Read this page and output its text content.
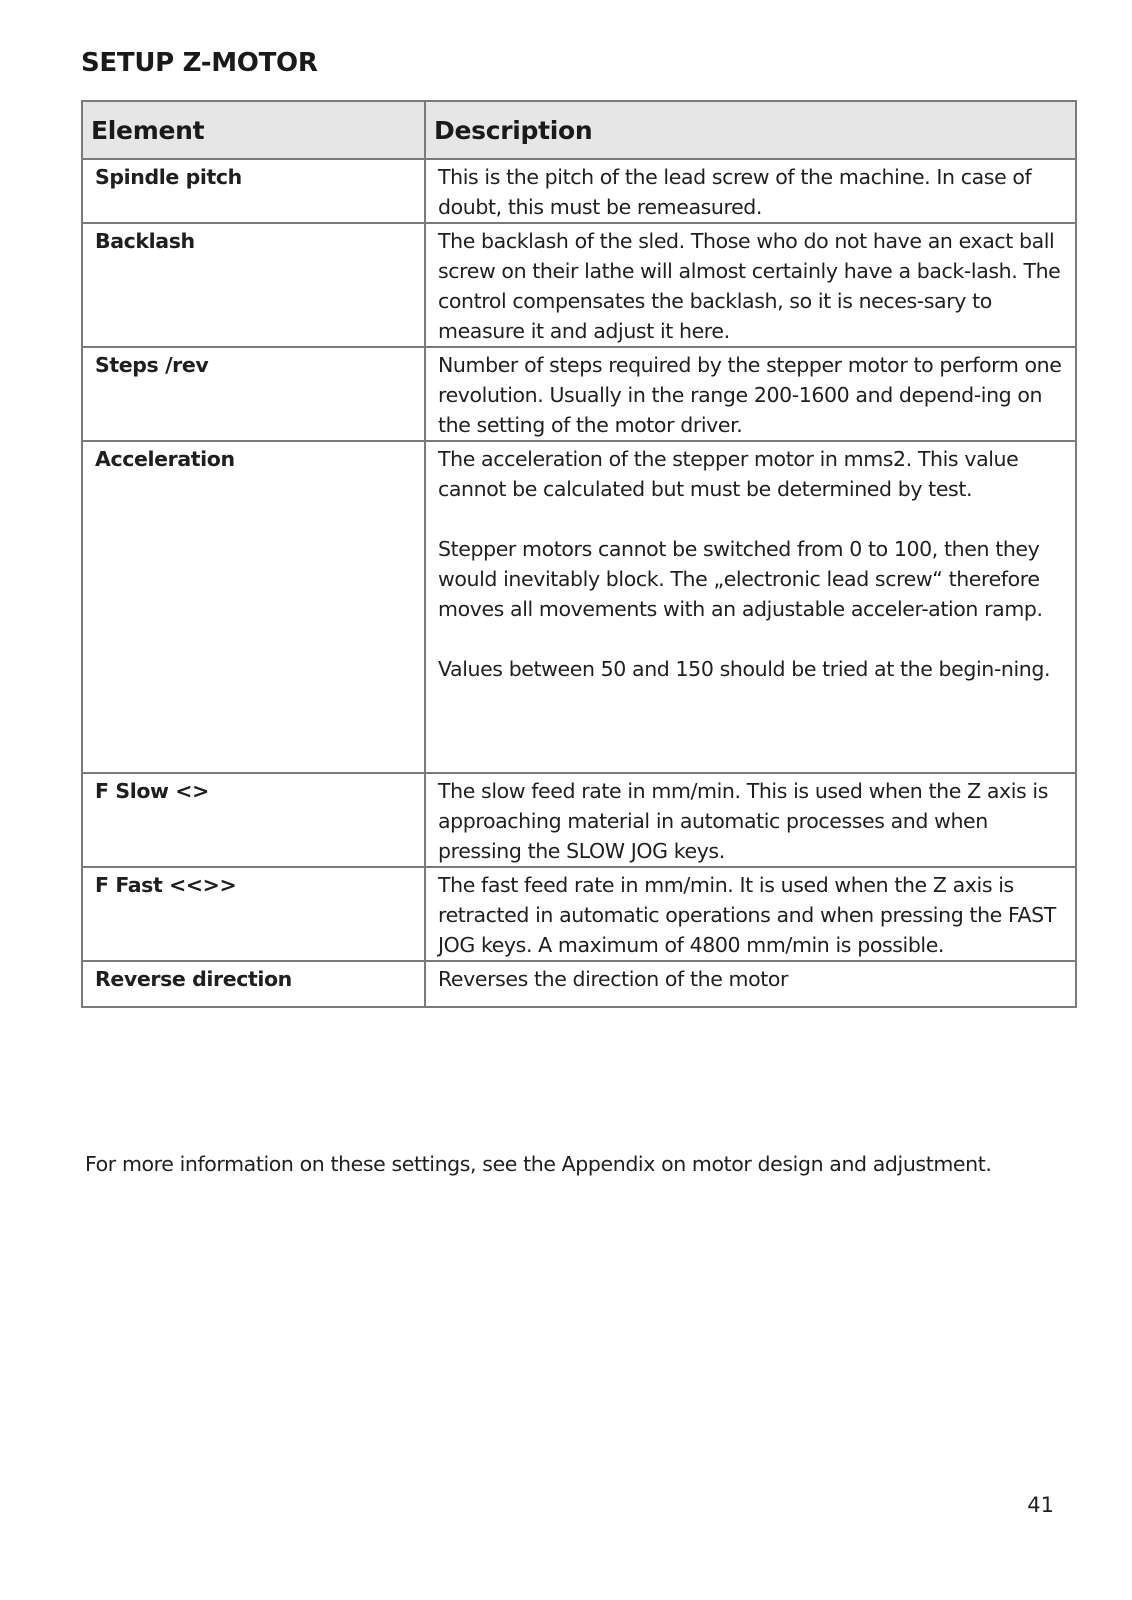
SETUP Z-MOTOR
Element	Description
Spindle pitch	This is the pitch of the lead screw of the machine. In case of doubt, this must be remeasured.

Backlash	The backlash of the sled. Those who do not have an exact ball screw on their lathe will almost certainly have a back-lash. The control compensates the backlash, so it is neces-sary to measure it and adjust it here.

Steps /rev	Number of steps required by the stepper motor to perform one revolution. Usually in the range 200-1600 and depend-ing on the setting of the motor driver.

Acceleration	The acceleration of the stepper motor in mms2. This value cannot be calculated but must be determined by test.

Stepper motors cannot be switched from 0 to 100, then they would inevitably block. The „electronic lead screw“ therefore moves all movements with an adjustable acceler-ation ramp.

Values between 50 and 150 should be tried at the begin-ning.

F Slow <>	The slow feed rate in mm/min. This is used when the Z axis is approaching material in automatic processes and when pressing the SLOW JOG keys.

F Fast <<>>	The fast feed rate in mm/min. It is used when the Z axis is retracted in automatic operations and when pressing the FAST JOG keys. A maximum of 4800 mm/min is possible.

Reverse direction	Reverses the direction of the motor

For more information on these settings, see the Appendix on motor design and adjustment.

41
